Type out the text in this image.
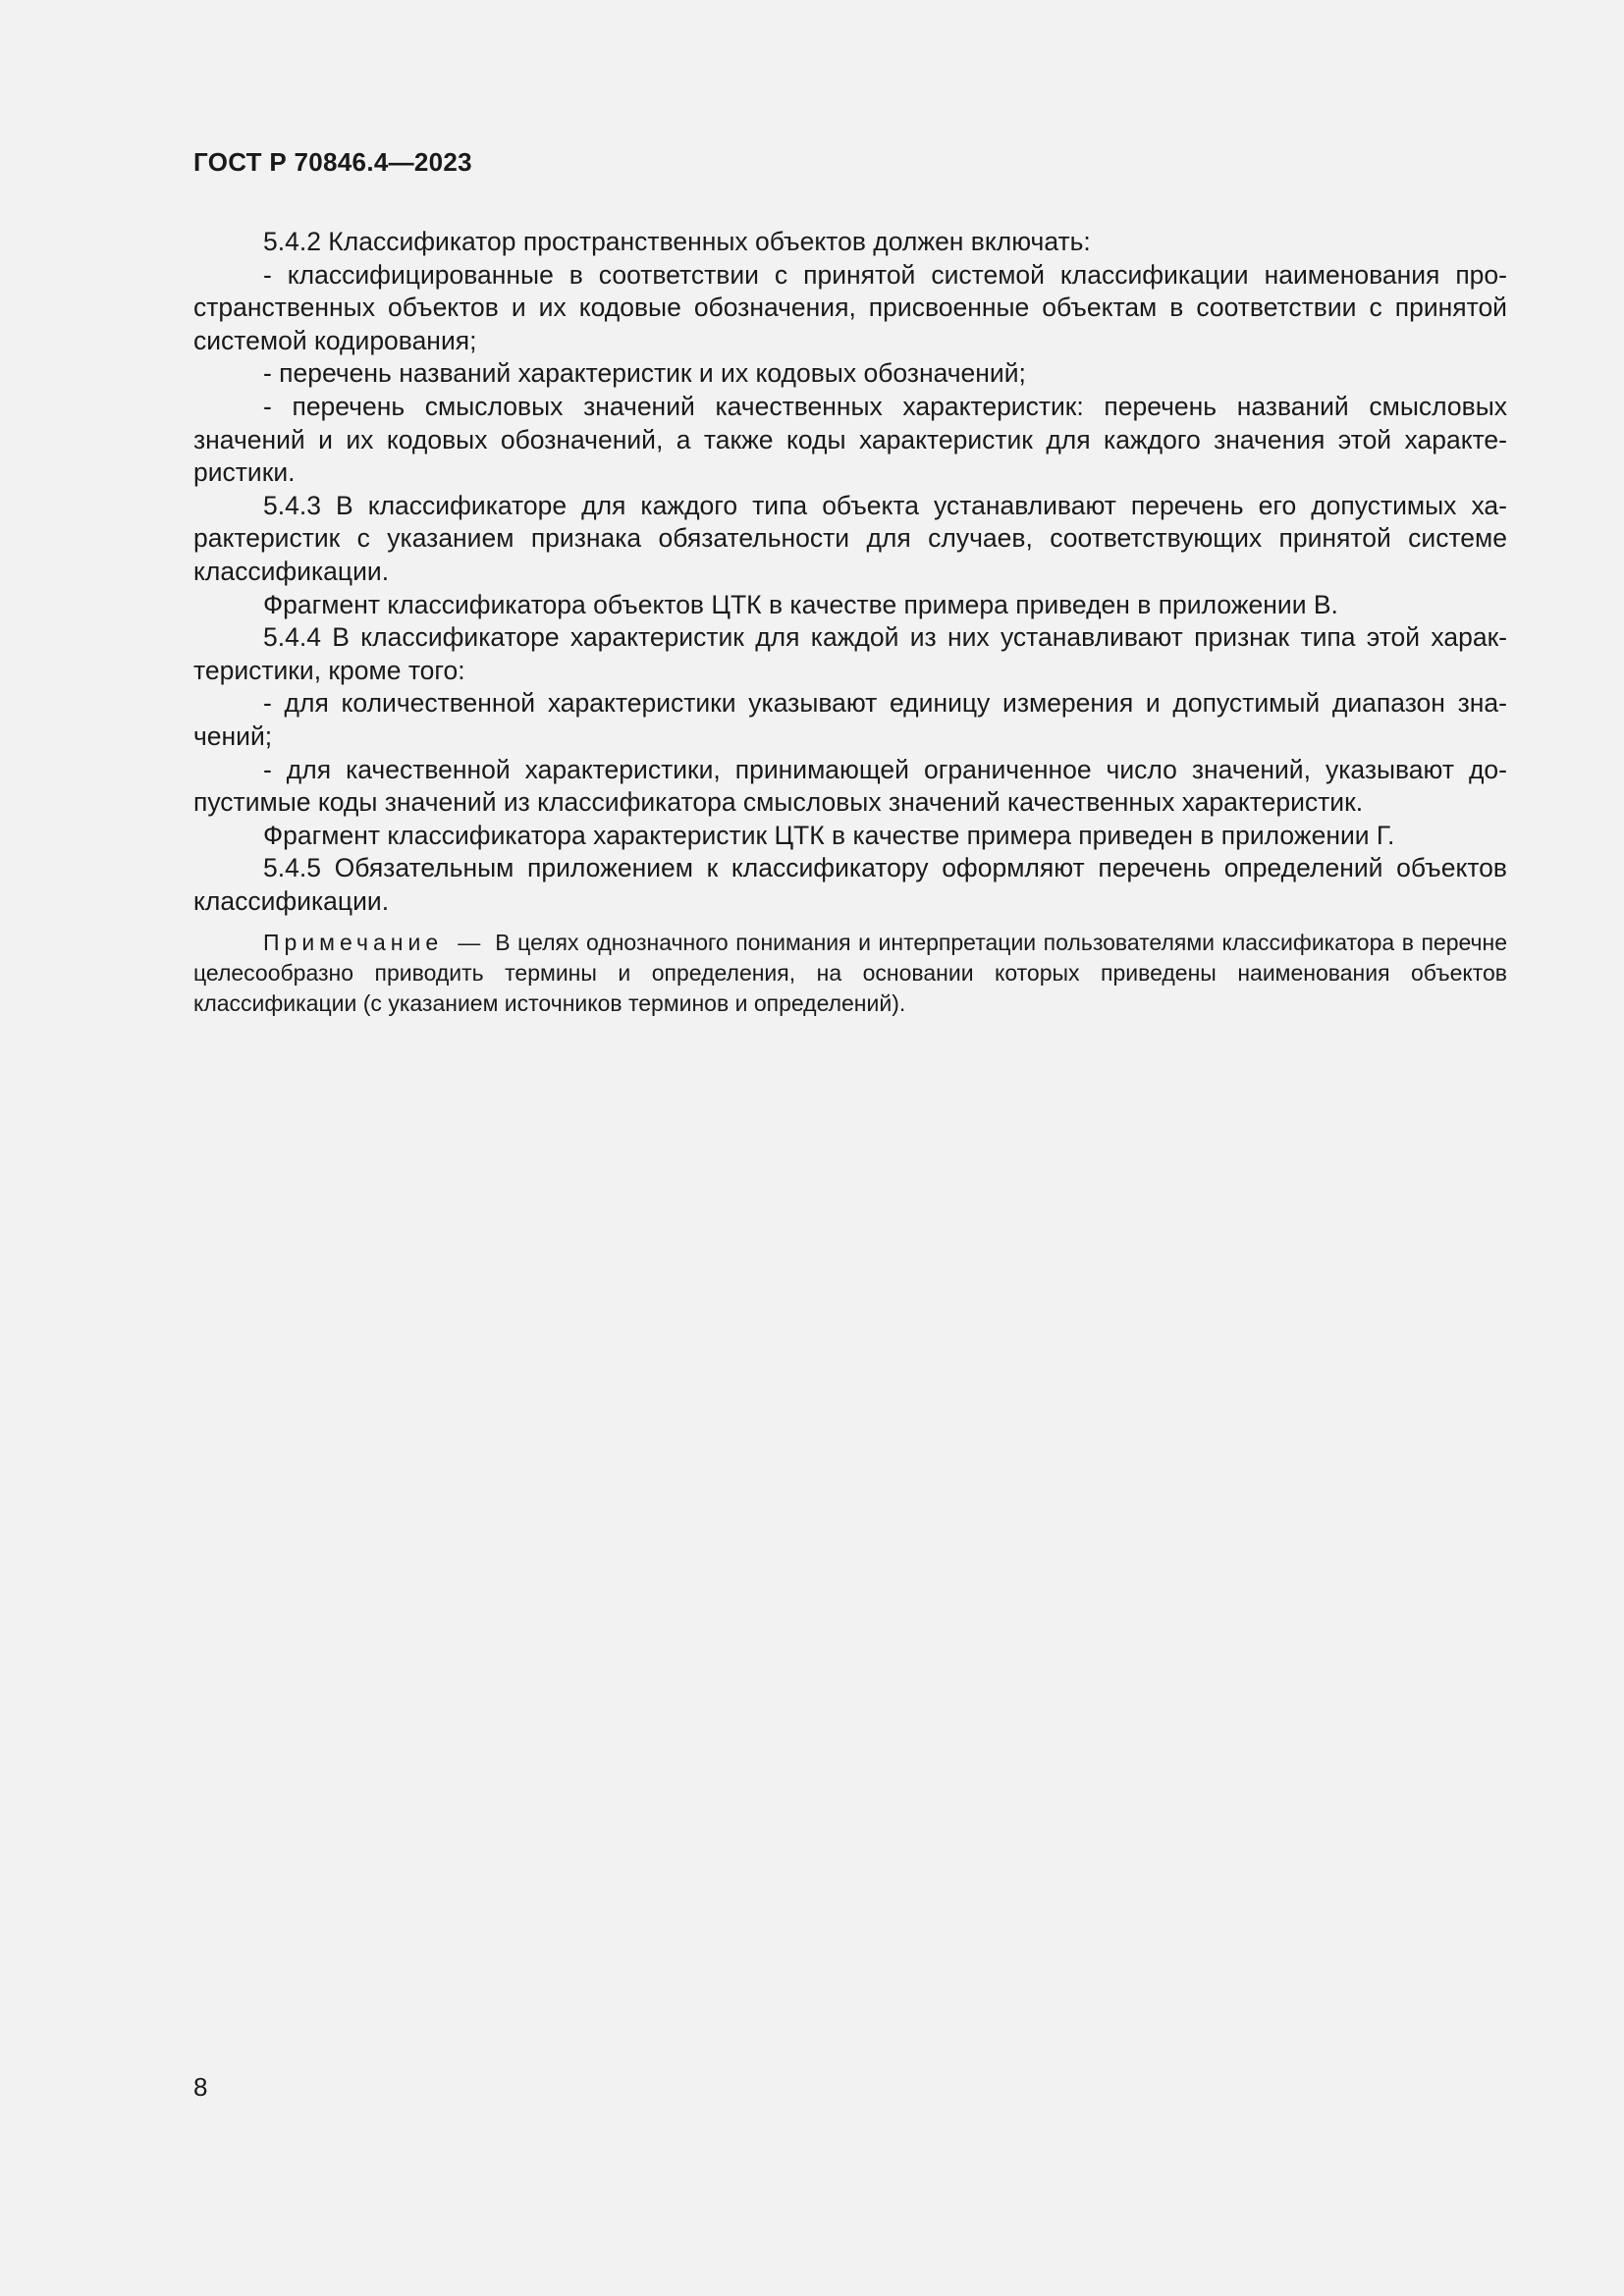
ГОСТ Р 70846.4—2023

5.4.2 Классификатор пространственных объектов должен включать:

- классифицированные в соответствии с принятой системой классификации наименования пространственных объектов и их кодовые обозначения, присвоенные объектам в соответствии с принятой системой кодирования;

- перечень названий характеристик и их кодовых обозначений;

- перечень смысловых значений качественных характеристик: перечень названий смысловых значений и их кодовых обозначений, а также коды характеристик для каждого значения этой характеристики.

5.4.3 В классификаторе для каждого типа объекта устанавливают перечень его допустимых характеристик с указанием признака обязательности для случаев, соответствующих принятой системе классификации.

Фрагмент классификатора объектов ЦТК в качестве примера приведен в приложении В.

5.4.4 В классификаторе характеристик для каждой из них устанавливают признак типа этой характеристики, кроме того:

- для количественной характеристики указывают единицу измерения и допустимый диапазон значений;

- для качественной характеристики, принимающей ограниченное число значений, указывают допустимые коды значений из классификатора смысловых значений качественных характеристик.

Фрагмент классификатора характеристик ЦТК в качестве примера приведен в приложении Г.

5.4.5 Обязательным приложением к классификатору оформляют перечень определений объектов классификации.

Примечание — В целях однозначного понимания и интерпретации пользователями классификатора в перечне целесообразно приводить термины и определения, на основании которых приведены наименования объектов классификации (с указанием источников терминов и определений).

8
